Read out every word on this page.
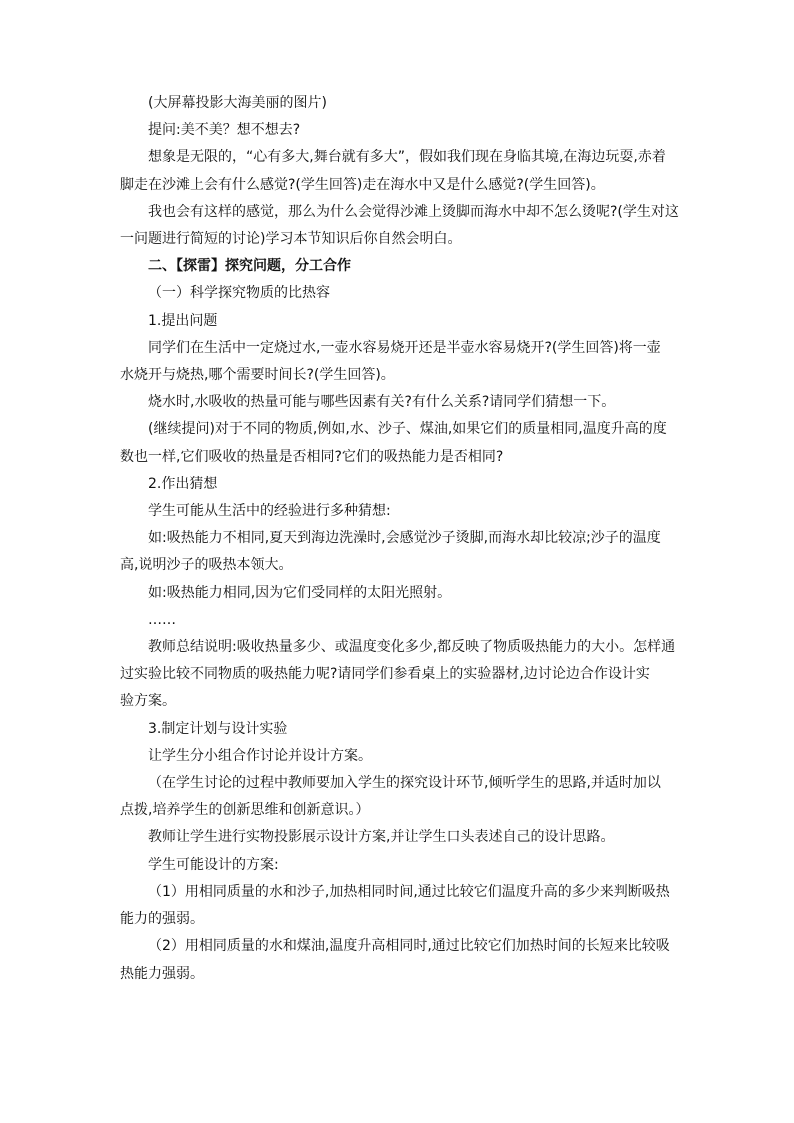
(大屏幕投影大海美丽的图片)

提问:美不美？想不想去?

想象是无限的，“心有多大,舞台就有多大”，假如我们现在身临其境,在海边玩耍,赤着

脚走在沙滩上会有什么感觉?(学生回答)走在海水中又是什么感觉?(学生回答)。

我也会有这样的感觉，那么为什么会觉得沙滩上烫脚而海水中却不怎么烫呢?(学生对这

一问题进行简短的讨论)学习本节知识后你自然会明白。

二、【探雷】探究问题，分工合作

（一）科学探究物质的比热容

1.提出问题

同学们在生活中一定烧过水,一壶水容易烧开还是半壶水容易烧开?(学生回答)将一壶

水烧开与烧热,哪个需要时间长?(学生回答)。

烧水时,水吸收的热量可能与哪些因素有关?有什么关系?请同学们猜想一下。

(继续提问)对于不同的物质,例如,水、沙子、煤油,如果它们的质量相同,温度升高的度

数也一样,它们吸收的热量是否相同?它们的吸热能力是否相同?

2.作出猜想

学生可能从生活中的经验进行多种猜想:

如:吸热能力不相同,夏天到海边洗澡时,会感觉沙子烫脚,而海水却比较凉;沙子的温度

高,说明沙子的吸热本领大。

如:吸热能力相同,因为它们受同样的太阳光照射。

……

教师总结说明:吸收热量多少、或温度变化多少,都反映了物质吸热能力的大小。怎样通

过实验比较不同物质的吸热能力呢?请同学们参看桌上的实验器材,边讨论边合作设计实

验方案。

3.制定计划与设计实验

让学生分小组合作讨论并设计方案。

（在学生讨论的过程中教师要加入学生的探究设计环节,倾听学生的思路,并适时加以

点拨,培养学生的创新思维和创新意识。）

教师让学生进行实物投影展示设计方案,并让学生口头表述自己的设计思路。

学生可能设计的方案:

（1）用相同质量的水和沙子,加热相同时间,通过比较它们温度升高的多少来判断吸热

能力的强弱。

（2）用相同质量的水和煤油,温度升高相同时,通过比较它们加热时间的长短来比较吸

热能力强弱。
